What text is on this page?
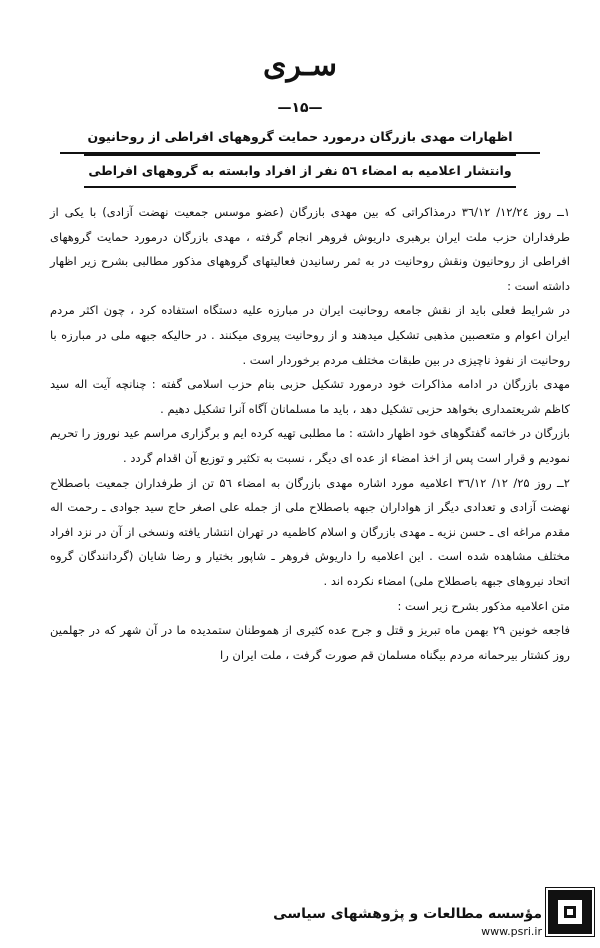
سـری
—۱۵—
اظهارات مهدی بازرگان درمورد حمایت گروههای افراطی از روحانیون
وانتشار اعلامیه به امضاء ۵٦ نفر از افراد وابسته به گروههای افراطی

۱ــ روز ۱۲/۲٤/ ۳٦/۱۲ درمذاکراتی که بین مهدی بازرگان (عضو موسس جمعیت نهضت آزادی) با یکی از طرفداران حزب ملت ایران برهبری داریوش فروهر انجام گرفته ، مهدی بازرگان درمورد حمایت گروههای افراطی از روحانیون ونقش روحانیت در به ثمر رسانیدن فعالیتهای گروههای مذکور مطالبی بشرح زیر اظهار داشته است :

در شرایط فعلی باید از نقش جامعه روحانیت ایران در مبارزه علیه دستگاه استفاده کرد ، چون اکثر مردم ایران اعوام و متعصبین مذهبی تشکیل میدهند و از روحانیت پیروی میکنند . در حالیکه جبهه ملی در مبارزه با روحانیت از نفوذ ناچیزی در بین طبقات مختلف مردم برخوردار است .

مهدی بازرگان در ادامه مذاکرات خود درمورد تشکیل حزبی بنام حزب اسلامی گفته : چنانچه آیت اله سید کاظم شریعتمداری بخواهد حزبی تشکیل دهد ، باید ما مسلمانان آگاه آنرا تشکیل دهیم .

بازرگان در خاتمه گفتگوهای خود اظهار داشته : ما مطلبی تهیه کرده ایم و برگزاری مراسم عید نوروز را تحریم نمودیم و قرار است پس از اخذ امضاء از عده ای دیگر ، نسبت به تکثیر و توزیع آن اقدام گردد .

۲ــ روز ۲۵/ ۱۲/ ۳٦/۱۲ اعلامیه مورد اشاره مهدی بازرگان به امضاء ۵٦ تن از طرفداران جمعیت باصطلاح نهضت آزادی و تعدادی دیگر از هواداران جبهه باصطلاح ملی از جمله علی اصغر حاج سید جوادی ـ رحمت اله مقدم مراغه ای ـ حسن نزیه ـ مهدی بازرگان و اسلام کاظمیه در تهران انتشار یافته ونسخی از آن در نزد افراد مختلف مشاهده شده است . این اعلامیه را داریوش فروهر ـ شاپور بختیار و رضا شایان (گردانندگان گروه اتحاد نیروهای جبهه باصطلاح ملی) امضاء نکرده اند .

متن اعلامیه مذکور بشرح زیر است :

فاجعه خونین ۲۹ بهمن ماه تبریز و قتل و جرح عده کثیری از هموطنان ستمدیده ما در آن شهر که در جهلمین روز کشتار بیرحمانه مردم بیگناه مسلمان قم صورت گرفت ، ملت ایران را

مؤسسه مطالعات و پژوهشهای سیاسی
www.psri.ir
